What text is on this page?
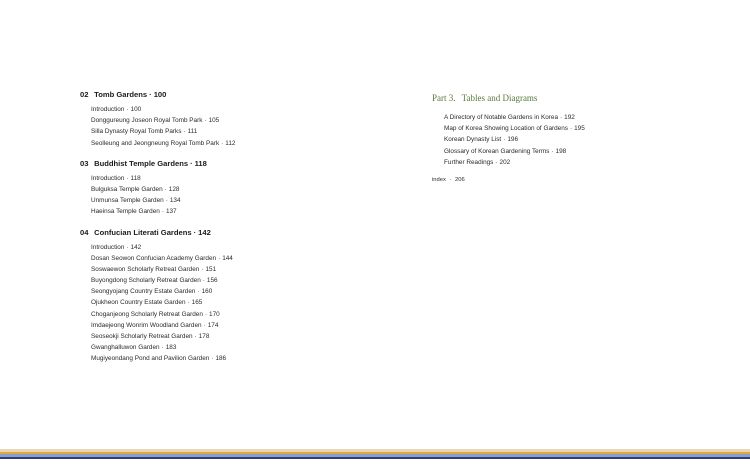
02 Tomb Gardens · 100
Introduction · 100
Donggureung Joseon Royal Tomb Park · 105
Silla Dynasty Royal Tomb Parks · 111
Seolleung and Jeongneung Royal Tomb Park · 112
03 Buddhist Temple Gardens · 118
Introduction · 118
Bulguksa Temple Garden · 128
Unmunsa Temple Garden · 134
Haeinsa Temple Garden · 137
04 Confucian Literati Gardens · 142
Introduction · 142
Dosan Seowon Confucian Academy Garden · 144
Soswaewon Scholarly Retreat Garden · 151
Buyongdong Scholarly Retreat Garden · 156
Seongyojang Country Estate Garden · 160
Ojukheon Country Estate Garden · 165
Choganjeong Scholarly Retreat Garden · 170
Imdaejeong Wonrim Woodland Garden · 174
Seoseokji Scholarly Retreat Garden · 178
Gwanghalluwon Garden · 183
Mugiyeondang Pond and Pavilion Garden · 186
Part 3. Tables and Diagrams
A Directory of Notable Gardens in Korea · 192
Map of Korea Showing Location of Gardens · 195
Korean Dynasty List · 196
Glossary of Korean Gardening Terms · 198
Further Readings · 202
index · 206
